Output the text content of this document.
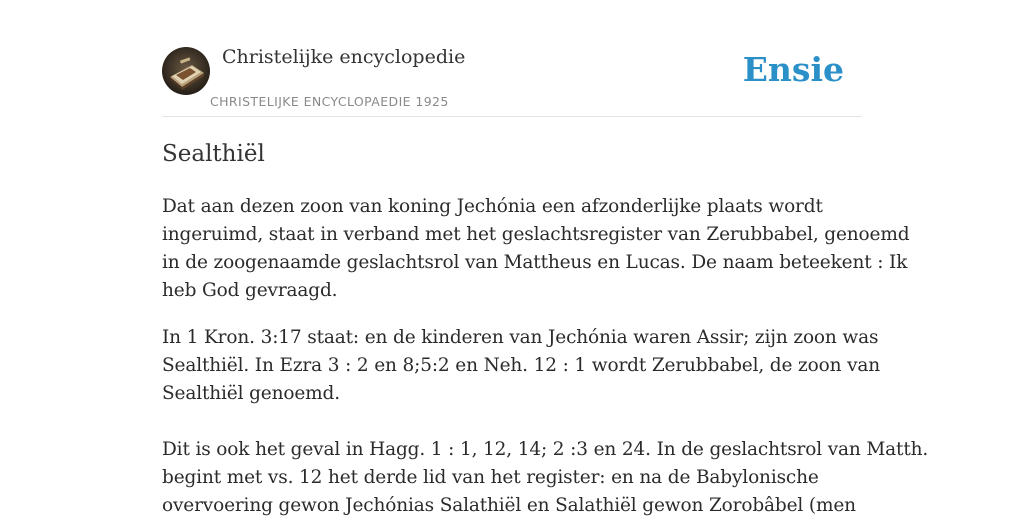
Christelijke encyclopedie
CHRISTELIJKE ENCYCLOPAEDIE 1925
Ensie
Sealthiël

Dat aan dezen zoon van koning Jechónia een afzonderlijke plaats wordt
ingeruimd, staat in verband met het geslachtsregister van Zerubbabel, genoemd
in de zoogenaamde geslachtsrol van Mattheus en Lucas. De naam beteekent : Ik
heb God gevraagd.

In 1 Kron. 3:17 staat: en de kinderen van Jechónia waren Assir; zijn zoon was
Sealthiël. In Ezra 3 : 2 en 8;5:2 en Neh. 12 : 1 wordt Zerubbabel, de zoon van
Sealthiël genoemd.

Dit is ook het geval in Hagg. 1 : 1, 12, 14; 2 :3 en 24. In de geslachtsrol van Matth.
begint met vs. 12 het derde lid van het register: en na de Babylonische
overvoering gewon Jechónias Salathiël en Salathiël gewon Zorobâbel (men
